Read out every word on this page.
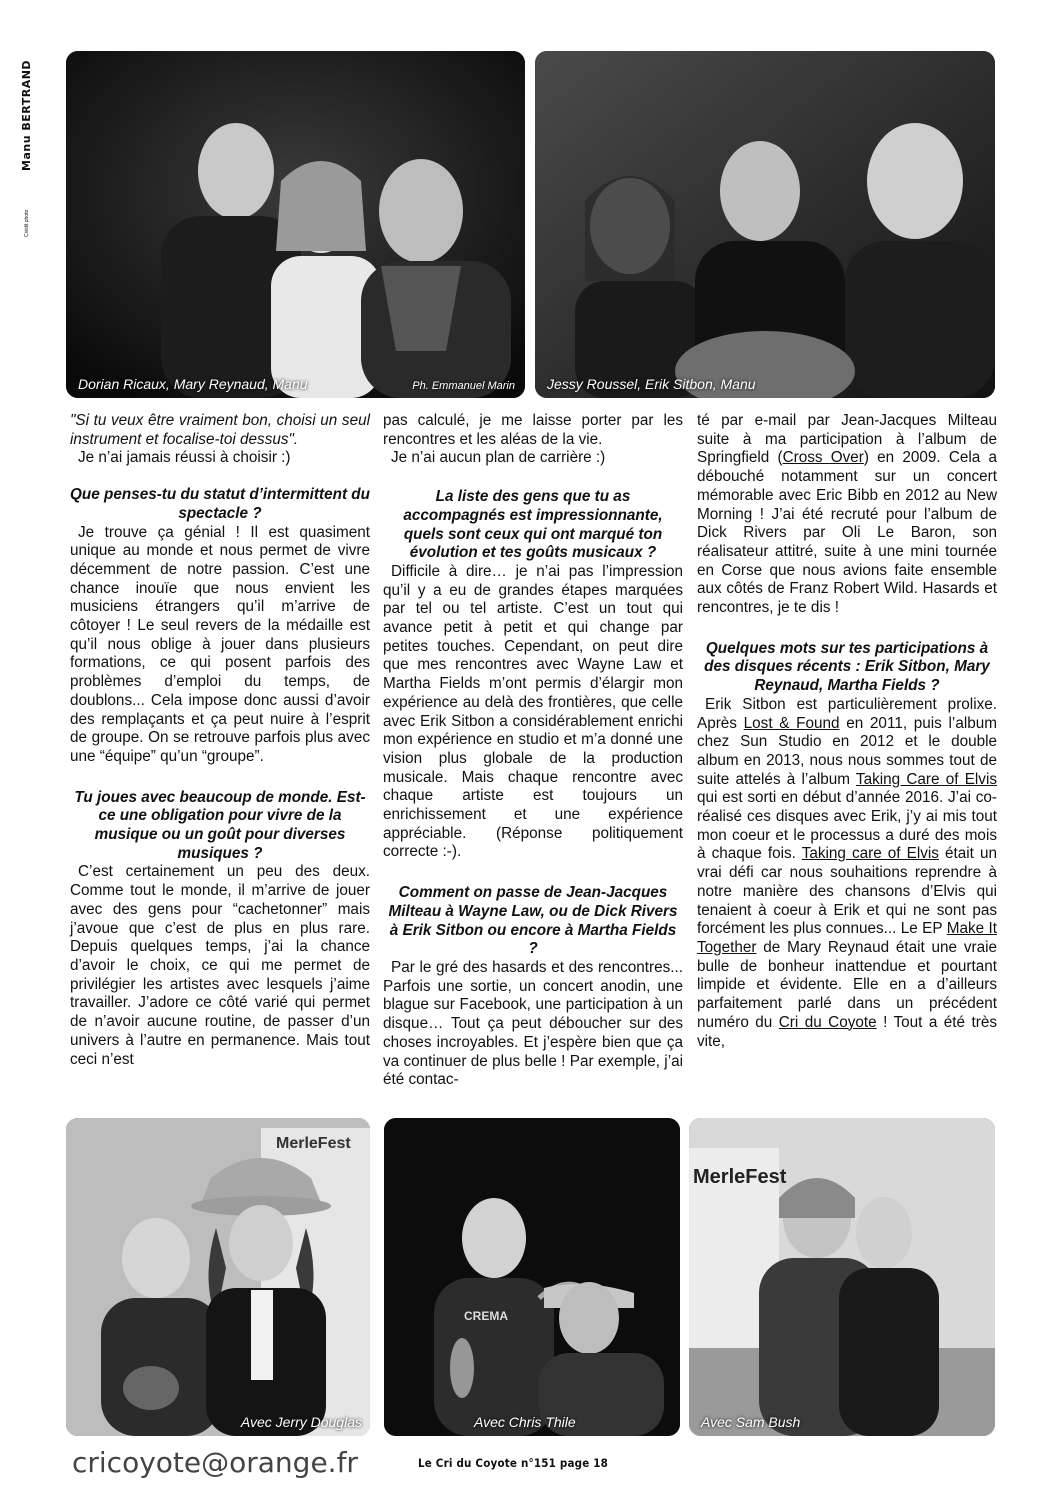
Manu BERTRAND
Crédit photo
Dorian Ricaux, Mary Reynaud, Manu	Ph. Emmanuel Marin Jessy Roussel, Erik Sitbon, Manu

"Si tu veux être vraiment bon, choisi un seul instrument et focalise-toi dessus".

Je n’ai jamais réussi à choisir :)

Que penses-tu du statut d’intermittent du spectacle ?

Je trouve ça génial ! Il est quasiment unique au monde et nous permet de vivre décemment de notre passion. C’est une chance inouïe que nous envient les musiciens étrangers qu’il m’arrive de côtoyer ! Le seul revers de la médaille est qu’il nous oblige à jouer dans plusieurs formations, ce qui posent parfois des problèmes d’emploi du temps, de doublons... Cela impose donc aussi d’avoir des remplaçants et ça peut nuire à l’esprit de groupe. On se retrouve parfois plus avec une “équipe” qu’un “groupe”.

Tu joues avec beaucoup de monde. Est-ce une obligation pour vivre de la musique ou un goût pour diverses musiques ?

C’est certainement un peu des deux. Comme tout le monde, il m’arrive de jouer avec des gens pour “cachetonner” mais j’avoue que c’est de plus en plus rare. Depuis quelques temps, j’ai la chance d’avoir le choix, ce qui me permet de privilégier les artistes avec lesquels j’aime travailler. J’adore ce côté varié qui permet de n’avoir aucune routine, de passer d’un univers à l’autre en permanence. Mais tout ceci n’est

pas calculé, je me laisse porter par les rencontres et les aléas de la vie.

Je n’ai aucun plan de carrière :)

La liste des gens que tu as accompagnés est impressionnante, quels sont ceux qui ont marqué ton évolution et tes goûts musicaux ?

Difficile à dire… je n’ai pas l’impression qu’il y a eu de grandes étapes marquées par tel ou tel artiste. C’est un tout qui avance petit à petit et qui change par petites touches. Cependant, on peut dire que mes rencontres avec Wayne Law et Martha Fields m’ont permis d’élargir mon expérience au delà des frontières, que celle avec Erik Sitbon a considérablement enrichi mon expérience en studio et m’a donné une vision plus globale de la production musicale. Mais chaque rencontre avec chaque artiste est toujours un enrichissement et une expérience appréciable. (Réponse politiquement correcte :-).

Comment on passe de Jean-Jacques Milteau à Wayne Law, ou de Dick Rivers à Erik Sitbon ou encore à Martha Fields ?

Par le gré des hasards et des rencontres... Parfois une sortie, un concert anodin, une blague sur Facebook, une participation à un disque… Tout ça peut déboucher sur des choses incroyables. Et j’espère bien que ça va continuer de plus belle ! Par exemple, j’ai été contac-

té par e-mail par Jean-Jacques Milteau suite à ma participation à l’album de Springfield (Cross Over) en 2009. Cela a débouché notamment sur un concert mémorable avec Eric Bibb en 2012 au New Morning ! J’ai été recruté pour l’album de Dick Rivers par Oli Le Baron, son réalisateur attitré, suite à une mini tournée en Corse que nous avions faite ensemble aux côtés de Franz Robert Wild. Hasards et rencontres, je te dis !

Quelques mots sur tes participations à des disques récents : Erik Sitbon, Mary Reynaud, Martha Fields ?

Erik Sitbon est particulièrement prolixe. Après Lost & Found en 2011, puis l’album chez Sun Studio en 2012 et le double album en 2013, nous nous sommes tout de suite attelés à l’album Taking Care of Elvis qui est sorti en début d’année 2016. J’ai co-réalisé ces disques avec Erik, j’y ai mis tout mon coeur et le processus a duré des mois à chaque fois. Taking care of Elvis était un vrai défi car nous souhaitions reprendre à notre manière des chansons d’Elvis qui tenaient à coeur à Erik et qui ne sont pas forcément les plus connues... Le EP Make It Together de Mary Reynaud était une vraie bulle de bonheur inattendue et pourtant limpide et évidente. Elle en a d’ailleurs parfaitement parlé dans un précédent numéro du Cri du Coyote ! Tout a été très vite,

MerleFest
Avec Jerry Douglas
CREMA
Avec Chris Thile
MerleFest
Avec Sam Bush
cricoyote@orange.fr	Le Cri du Coyote n°151 page 18
